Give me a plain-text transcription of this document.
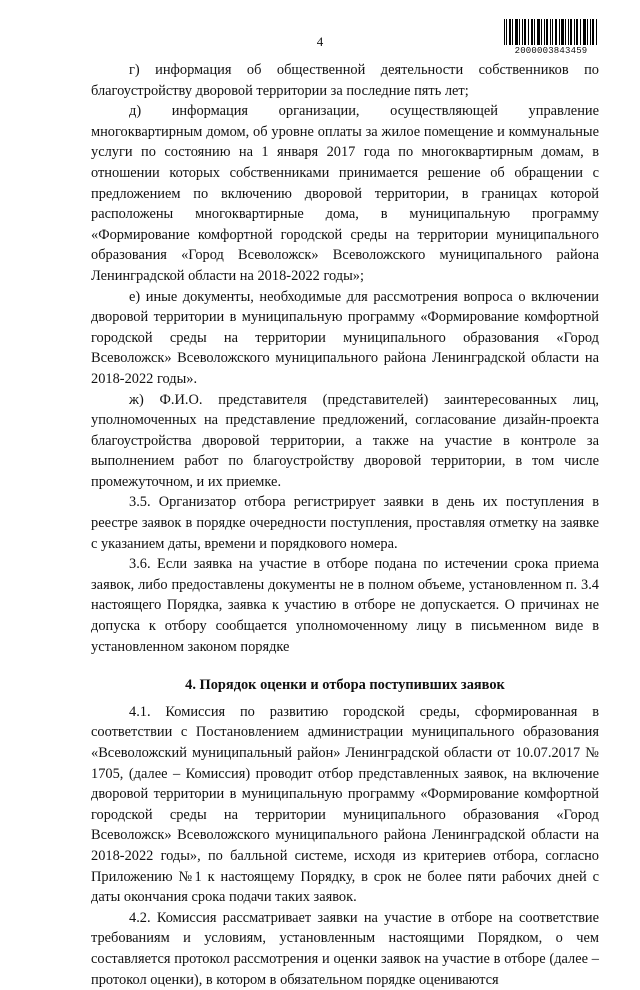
4
2000003843459

г) информация об общественной деятельности собственников по благоустройству дворовой территории за последние пять лет;

д) информация организации, осуществляющей управление многоквартирным домом, об уровне оплаты за жилое помещение и коммунальные услуги по состоянию на 1 января 2017 года по многоквартирным домам, в отношении которых собственниками принимается решение об обращении с предложением по включению дворовой территории, в границах которой расположены многоквартирные дома, в муниципальную программу «Формирование комфортной городской среды на территории муниципального образования «Город Всеволожск» Всеволожского муниципального района Ленинградской области на 2018-2022 годы»;

е) иные документы, необходимые для рассмотрения вопроса о включении дворовой территории в муниципальную программу «Формирование комфортной городской среды на территории муниципального образования «Город Всеволожск» Всеволожского муниципального района Ленинградской области на 2018-2022 годы».

ж) Ф.И.О. представителя (представителей) заинтересованных лиц, уполномоченных на представление предложений, согласование дизайн-проекта благоустройства дворовой территории, а также на участие в контроле за выполнением работ по благоустройству дворовой территории, в том числе промежуточном, и их приемке.

3.5. Организатор отбора регистрирует заявки в день их поступления в реестре заявок в порядке очередности поступления, проставляя отметку на заявке с указанием даты, времени и порядкового номера.

3.6. Если заявка на участие в отборе подана по истечении срока приема заявок, либо предоставлены документы не в полном объеме, установленном п. 3.4 настоящего Порядка, заявка к участию в отборе не допускается. О причинах не допуска к отбору сообщается уполномоченному лицу в письменном виде в установленном законом порядке

4. Порядок оценки и отбора поступивших заявок

4.1. Комиссия по развитию городской среды, сформированная в соответствии с Постановлением администрации муниципального образования «Всеволожский муниципальный район» Ленинградской области от 10.07.2017 № 1705, (далее – Комиссия) проводит отбор представленных заявок, на включение дворовой территории в муниципальную программу «Формирование комфортной городской среды на территории муниципального образования «Город Всеволожск» Всеволожского муниципального района Ленинградской области на 2018-2022 годы», по балльной системе, исходя из критериев отбора, согласно Приложению №1 к настоящему Порядку, в срок не более пяти рабочих дней с даты окончания срока подачи таких заявок.

4.2. Комиссия рассматривает заявки на участие в отборе на соответствие требованиям и условиям, установленным настоящими Порядком, о чем составляется протокол рассмотрения и оценки заявок на участие в отборе (далее – протокол оценки), в котором в обязательном порядке оцениваются
